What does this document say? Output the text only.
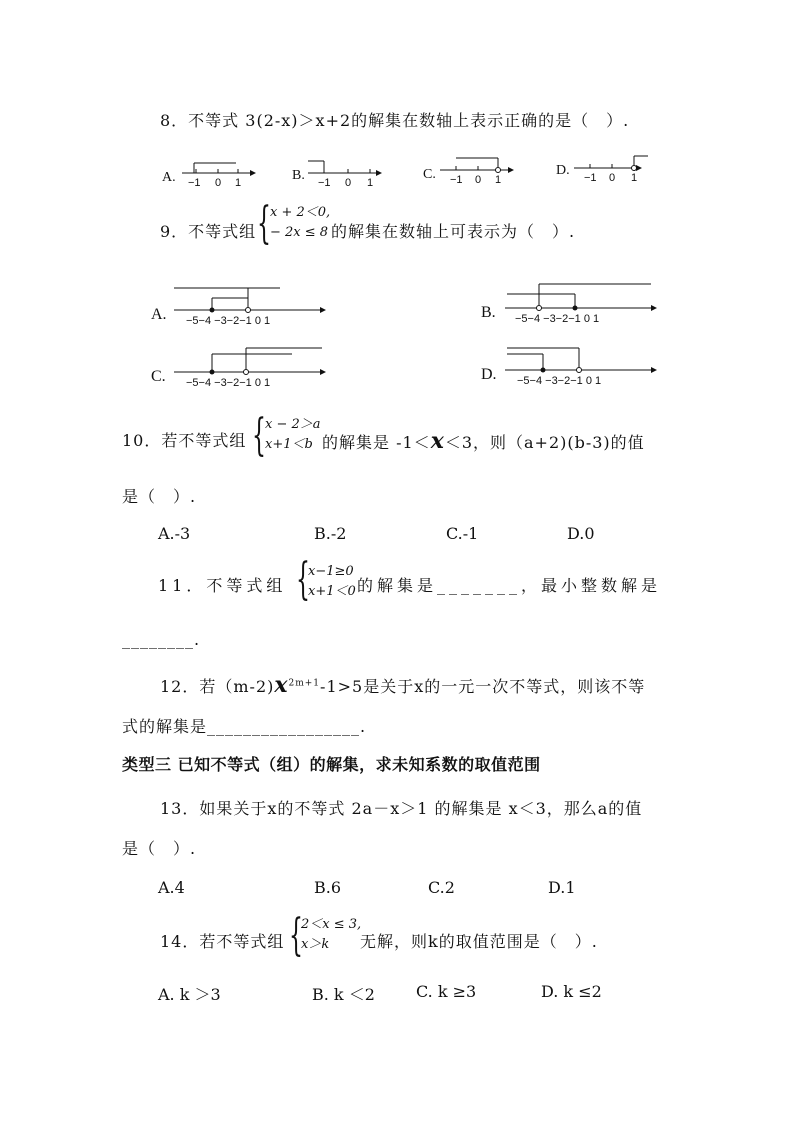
8．不等式 3(2-x)＞x+2的解集在数轴上表示正确的是（　）.
A. −1 0 1	B. −1 0 1
C. −1 0 1
D. −1 0 1
9．不等式组 { x + 2＜0,
− 2x ≤ 8 的解集在数轴上可表示为（　）.
A. −5−4 −3−2−1 0 1	B. −5−4 −3−2−1 0 1
C. −5−4 −3−2−1 0 1	D. −5−4 −3−2−1 0 1
10．若不等式组 { x − 2＞a
x+1＜b 的解集是 -1＜x＜3，则（a+2)(b-3)的值
是（　）.
A.-3	B.-2	C.-1	D.0
11．不等式组 {
x−1≥0
x+1＜0 的解集是_______，最小整数解是
________.
12．若$(m-2)x^{2m+1}-1>5$是关于x的一元一次不等式，则该不等
式的解集是_________________.
类型三 已知不等式（组）的解集，求未知系数的取值范围
13．如果关于x的不等式 2a－x＞1 的解集是 x＜3，那么a的值
是（　）.
A.4	B.6	C.2	D.1
14．若不等式组 {
2＜x ≤ 3,
x＞k	无解，则k的取值范围是（　）.
A. k ＞3	B. k ＜2	C. k ≥3	D. k ≤2
